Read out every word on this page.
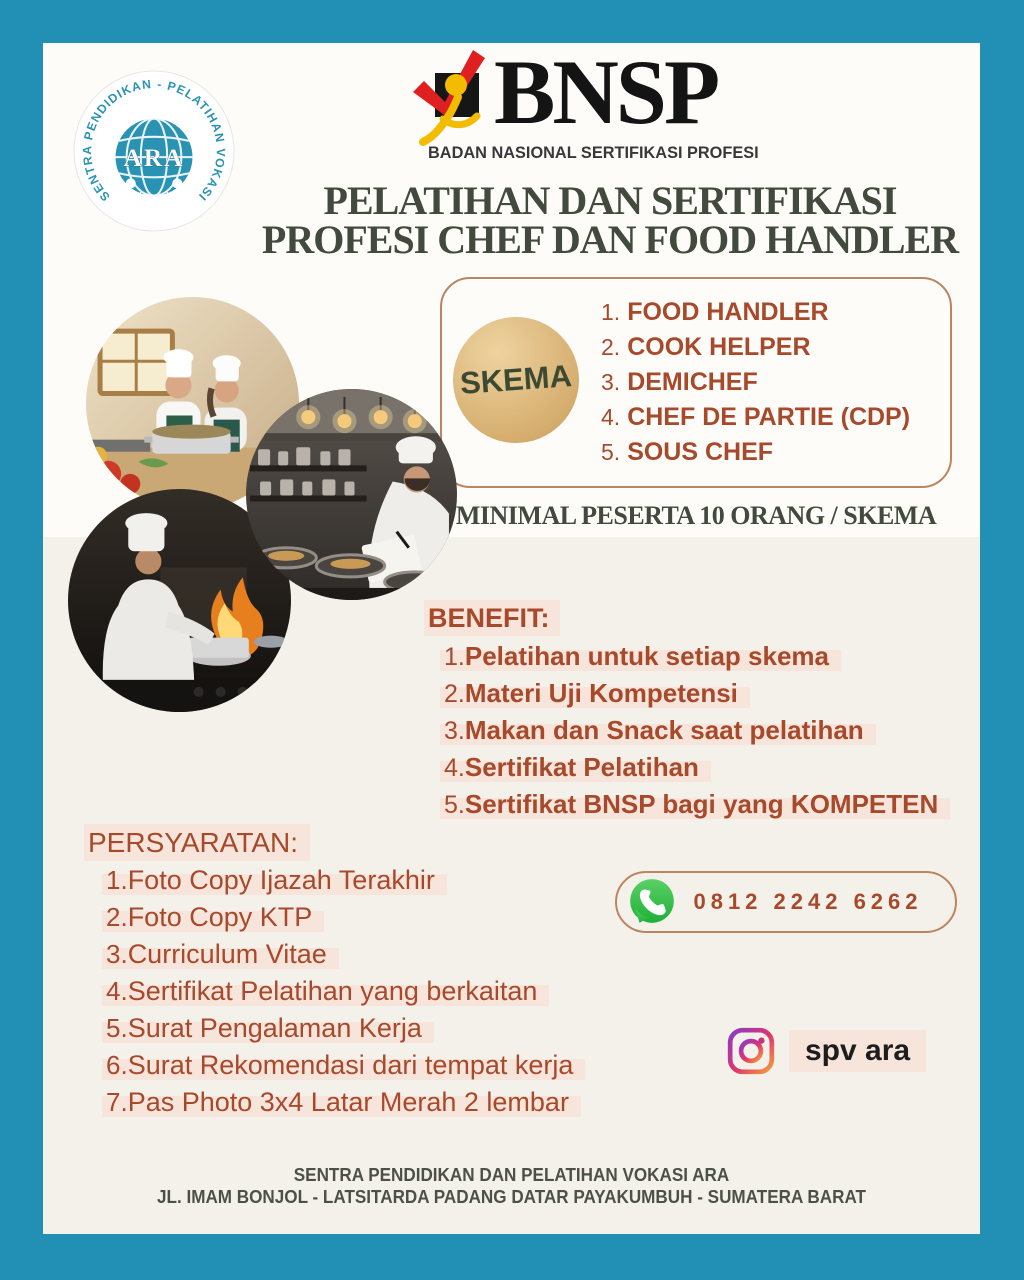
SENTRA PENDIDIKAN - PELATIHAN VOKASI
ARA
BNSP
BADAN NASIONAL SERTIFIKASI PROFESI
PELATIHAN DAN SERTIFIKASI
PROFESI CHEF DAN FOOD HANDLER
SKEMA
1. FOOD HANDLER
2. COOK HELPER
3. DEMICHEF
4. CHEF DE PARTIE (CDP)
5. SOUS CHEF
MINIMAL PESERTA 10 ORANG / SKEMA
BENEFIT:
1.Pelatihan untuk setiap skema
2.Materi Uji Kompetensi
3.Makan dan Snack saat pelatihan
4.Sertifikat Pelatihan
5.Sertifikat BNSP bagi yang KOMPETEN
PERSYARATAN:
1.Foto Copy Ijazah Terakhir
2.Foto Copy KTP
3.Curriculum Vitae
4.Sertifikat Pelatihan yang berkaitan
5.Surat Pengalaman Kerja
6.Surat Rekomendasi dari tempat kerja
7.Pas Photo 3x4 Latar Merah 2 lembar
0812 2242 6262
spv ara
SENTRA PENDIDIKAN DAN PELATIHAN VOKASI ARA
JL. IMAM BONJOL - LATSITARDA PADANG DATAR PAYAKUMBUH - SUMATERA BARAT
